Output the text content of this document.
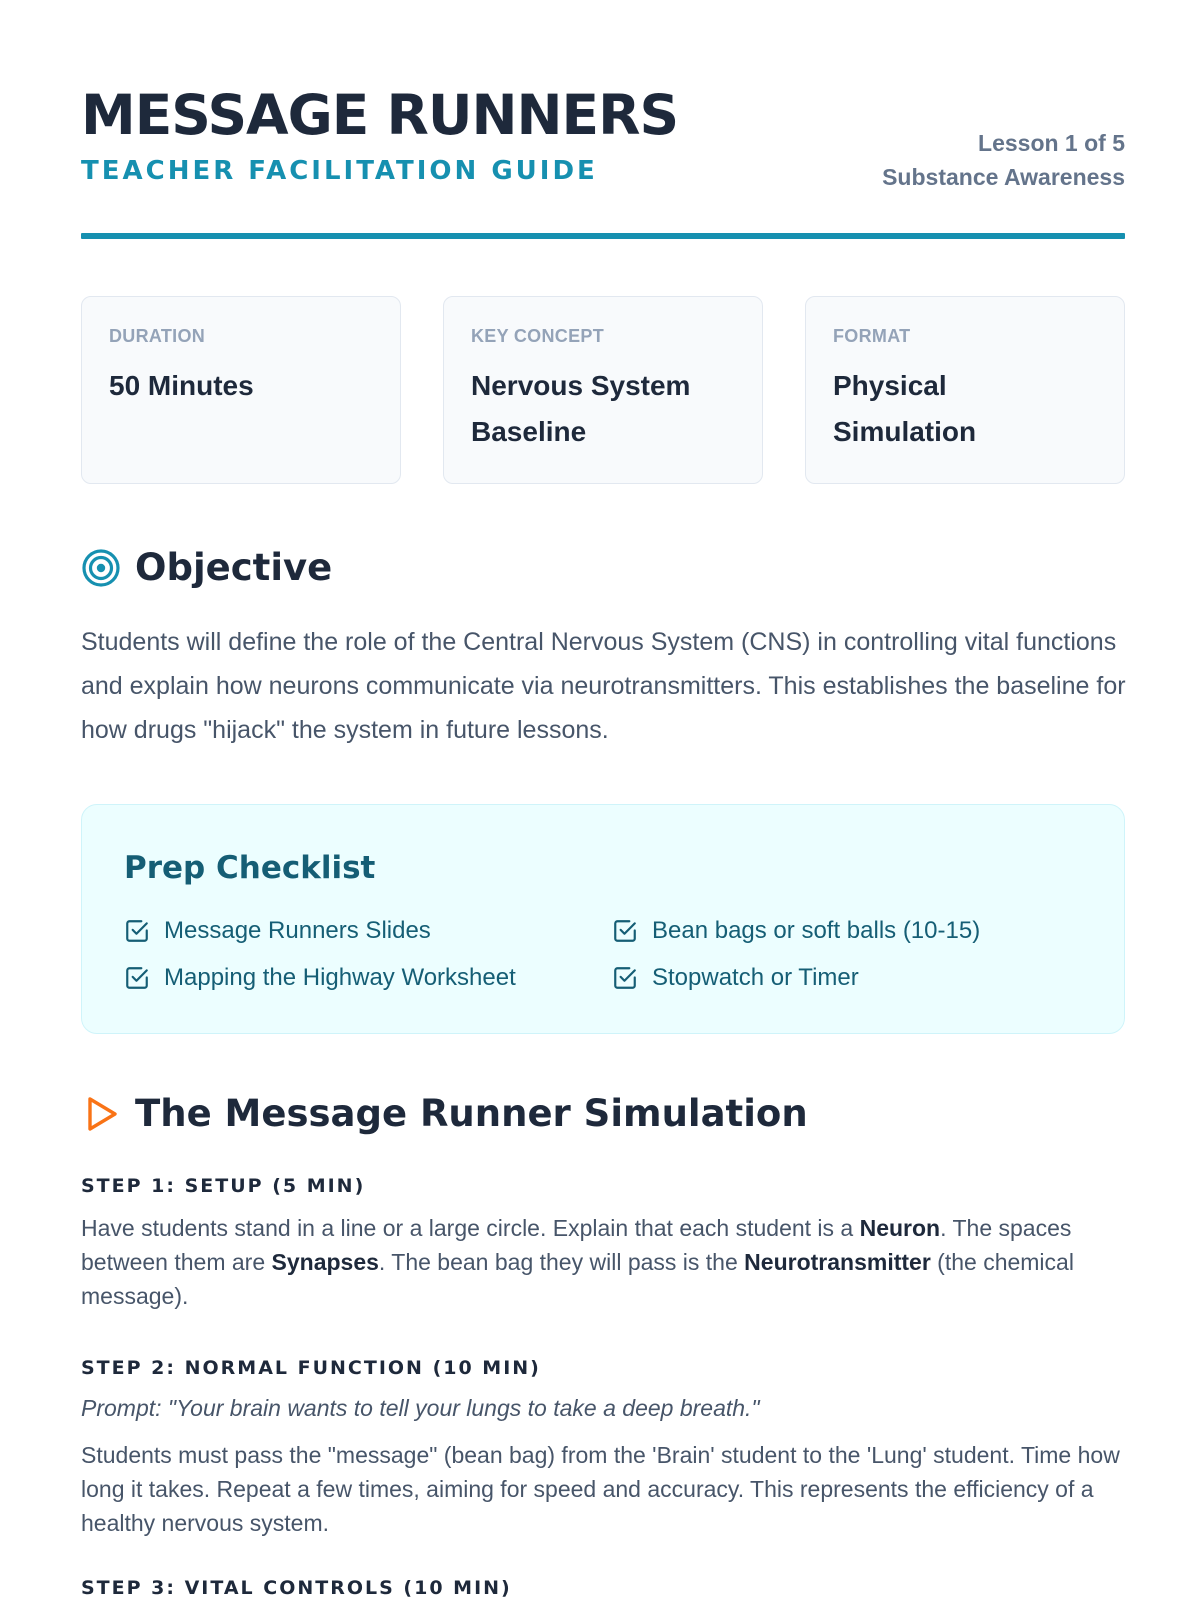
MESSAGE RUNNERS
TEACHER FACILITATION GUIDE
Lesson 1 of 5
Substance Awareness
DURATION
50 Minutes
KEY CONCEPT
Nervous System Baseline
FORMAT
Physical Simulation
Objective

Students will define the role of the Central Nervous System (CNS) in controlling vital functions and explain how neurons communicate via neurotransmitters. This establishes the baseline for how drugs "hijack" the system in future lessons.

Prep Checklist
Message Runners Slides	Bean bags or soft balls (10-15)
Mapping the Highway Worksheet	Stopwatch or Timer
The Message Runner Simulation
STEP 1: SETUP (5 MIN)

Have students stand in a line or a large circle. Explain that each student is a Neuron. The spaces between them are Synapses. The bean bag they will pass is the Neurotransmitter (the chemical message).

STEP 2: NORMAL FUNCTION (10 MIN)

Prompt: "Your brain wants to tell your lungs to take a deep breath."

Students must pass the "message" (bean bag) from the 'Brain' student to the 'Lung' student. Time how long it takes. Repeat a few times, aiming for speed and accuracy. This represents the efficiency of a healthy nervous system.

STEP 3: VITAL CONTROLS (10 MIN)
